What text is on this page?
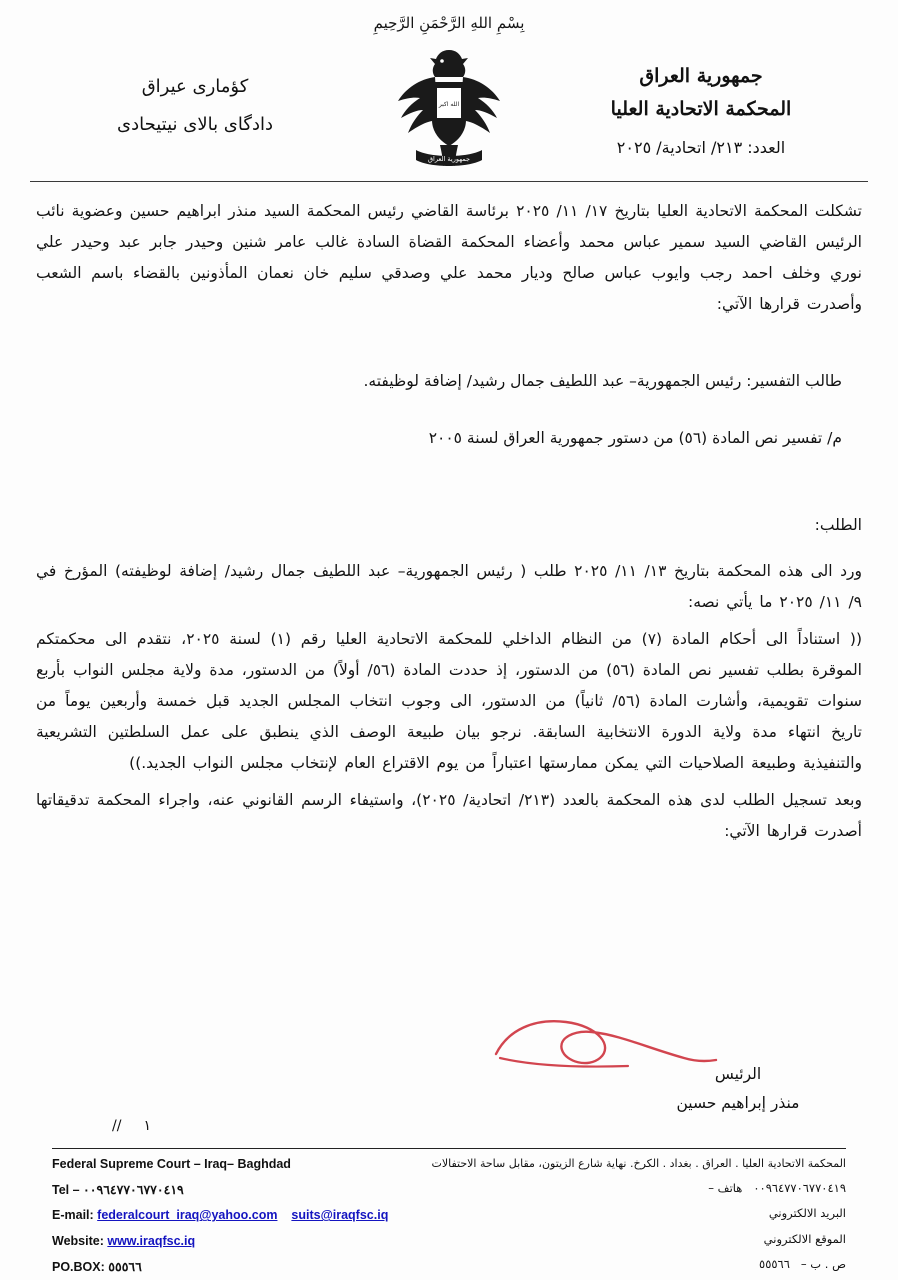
بِسْمِ اللهِ الرَّحْمَنِ الرَّحِيمِ
جمهورية العراق
المحكمة الاتحادية العليا
العدد: ٢١٣/ اتحادية/ ٢٠٢٥
الله اكبر
جمهورية العراق
كؤمارى عيراق
دادگای بالای نیتیحادی

تشكلت المحكمة الاتحادية العليا بتاريخ ١٧/ ١١/ ٢٠٢٥ برئاسة القاضي رئيس المحكمة السيد منذر ابراهيم حسين وعضوية نائب الرئيس القاضي السيد سمير عباس محمد وأعضاء المحكمة القضاة السادة غالب عامر شنين وحيدر جابر عبد وحيدر علي نوري وخلف احمد رجب وايوب عباس صالح وديار محمد علي وصدقي سليم خان نعمان المأذونين بالقضاء باسم الشعب وأصدرت قرارها الآتي:

طالب التفسير: رئيس الجمهورية– عبد اللطيف جمال رشيد/ إضافة لوظيفته.

م/ تفسير نص المادة (٥٦) من دستور جمهورية العراق لسنة ٢٠٠٥

الطلب:

ورد الى هذه المحكمة بتاريخ ١٣/ ١١/ ٢٠٢٥ طلب ( رئيس الجمهورية– عبد اللطيف جمال رشيد/ إضافة لوظيفته) المؤرخ في ٩/ ١١/ ٢٠٢٥ ما يأتي نصه:

(( استناداً الى أحكام المادة (٧) من النظام الداخلي للمحكمة الاتحادية العليا رقم (١) لسنة ٢٠٢٥، نتقدم الى محكمتكم الموقرة بطلب تفسير نص المادة (٥٦) من الدستور، إذ حددت المادة (٥٦/ أولاً) من الدستور، مدة ولاية مجلس النواب بأربع سنوات تقويمية، وأشارت المادة (٥٦/ ثانياً) من الدستور، الى وجوب انتخاب المجلس الجديد قبل خمسة وأربعين يوماً من تاريخ انتهاء مدة ولاية الدورة الانتخابية السابقة. نرجو بيان طبيعة الوصف الذي ينطبق على عمل السلطتين التشريعية والتنفيذية وطبيعة الصلاحيات التي يمكن ممارستها اعتباراً من يوم الاقتراع العام لإنتخاب مجلس النواب الجديد.))

وبعد تسجيل الطلب لدى هذه المحكمة بالعدد (٢١٣/ اتحادية/ ٢٠٢٥)، واستيفاء الرسم القانوني عنه، واجراء المحكمة تدقيقاتها أصدرت قرارها الآتي:

الرئيس
منذر إبراهيم حسين
// ١
Federal Supreme Court – Iraq– Baghdad
Tel – ٠٠٩٦٤٧٧٠٦٧٧٠٤١٩
E-mail: federalcourt_iraq@yahoo.com suits@iraqfsc.iq
Website: www.iraqfsc.iq
PO.BOX: ٥٥٥٦٦
المحكمة الاتحادية العليا . العراق . بغداد . الكرخ. نهاية شارع الزيتون، مقابل ساحة الاحتفالات
٠٠٩٦٤٧٧٠٦٧٧٠٤١٩   هاتف –
البريد الالكتروني
الموقع الالكتروني
ص . ب –   ٥٥٥٦٦
